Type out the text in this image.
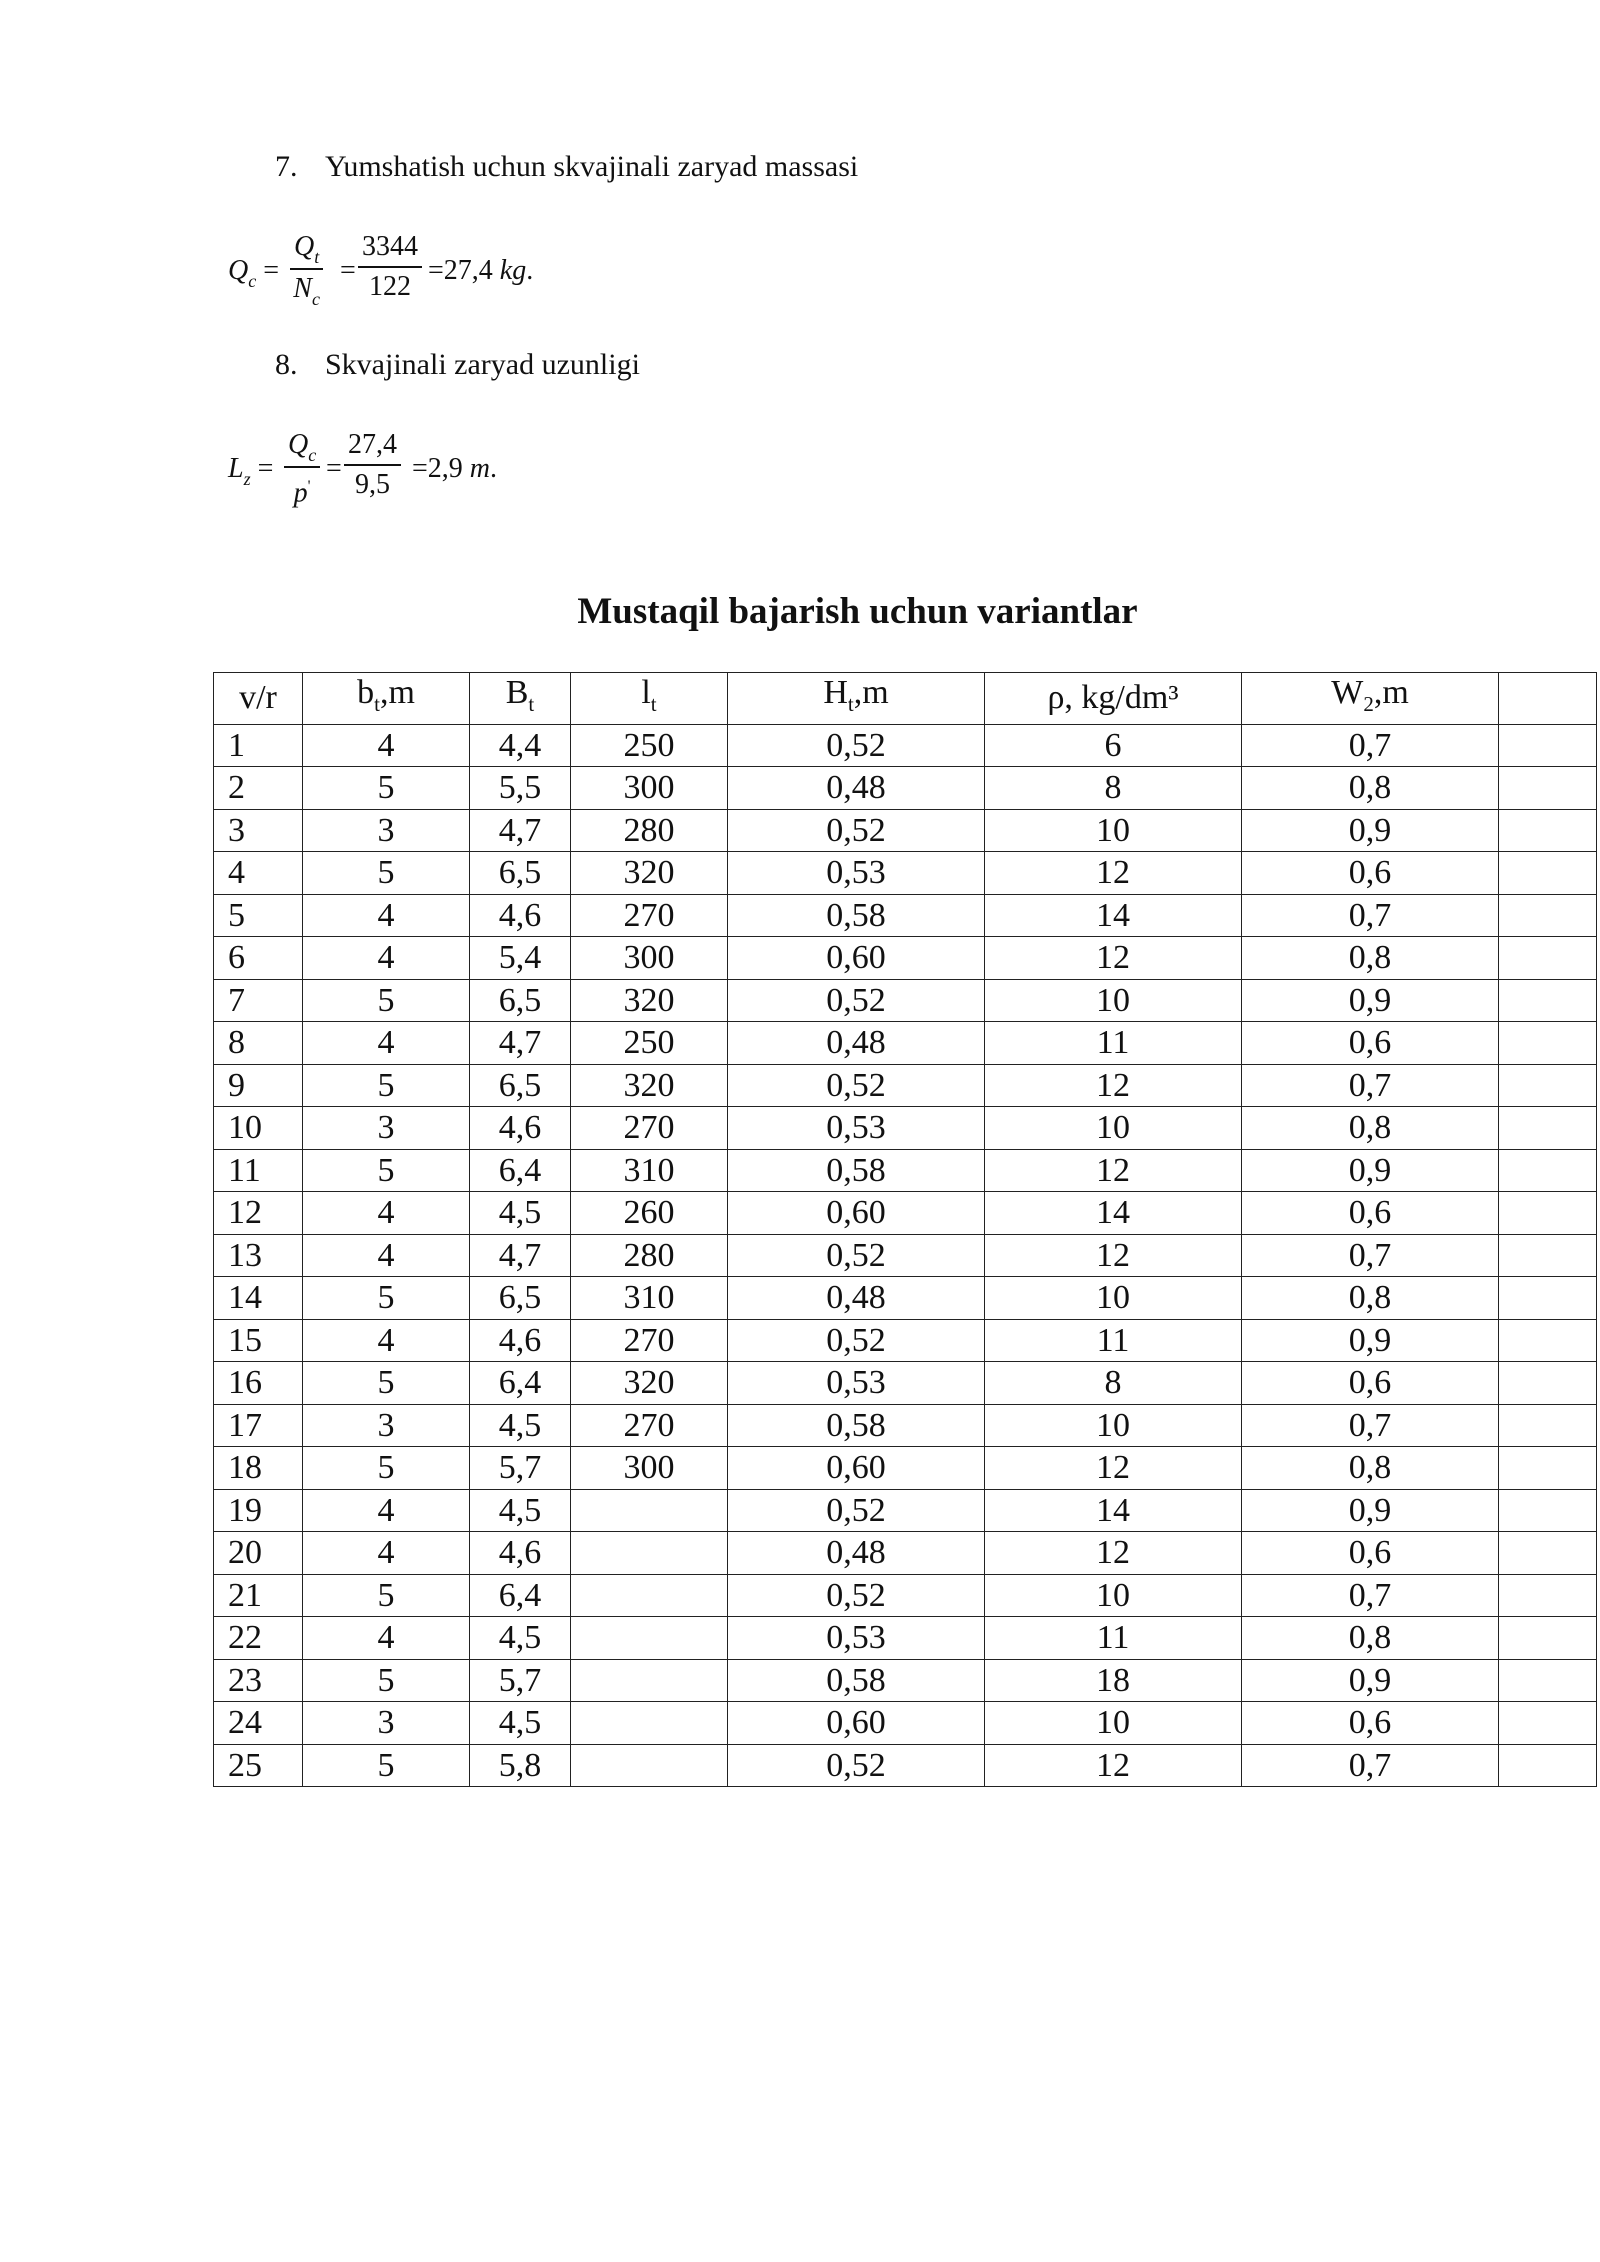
7. Yumshatish uchun skvajinali zaryad massasi
$Q_c = \frac{Q_t}{N_c} = \frac{3344}{122} =27,4$ kg.
8. Skvajinali zaryad uzunligi
$L_z = \frac{Q_c}{p'} = \frac{27,4}{9,5} =2,9$ m.
Mustaqil bajarish uchun variantlar
v/r	$b_t,m$	$B_t$	$l_t$	$H_t,m$	ρ, kg/dm³	$W_2,m$	
1	4	4,4	250	0,52	6	0,7	
2	5	5,5	300	0,48	8	0,8	
3	3	4,7	280	0,52	10	0,9	
4	5	6,5	320	0,53	12	0,6	
5	4	4,6	270	0,58	14	0,7	
6	4	5,4	300	0,60	12	0,8	
7	5	6,5	320	0,52	10	0,9	
8	4	4,7	250	0,48	11	0,6	
9	5	6,5	320	0,52	12	0,7	
10	3	4,6	270	0,53	10	0,8	
11	5	6,4	310	0,58	12	0,9	
12	4	4,5	260	0,60	14	0,6	
13	4	4,7	280	0,52	12	0,7	
14	5	6,5	310	0,48	10	0,8	
15	4	4,6	270	0,52	11	0,9	
16	5	6,4	320	0,53	8	0,6	
17	3	4,5	270	0,58	10	0,7	
18	5	5,7	300	0,60	12	0,8	
19	4	4,5		0,52	14	0,9	
20	4	4,6		0,48	12	0,6	
21	5	6,4		0,52	10	0,7	
22	4	4,5		0,53	11	0,8	
23	5	5,7		0,58	18	0,9	
24	3	4,5		0,60	10	0,6	
25	5	5,8		0,52	12	0,7	
